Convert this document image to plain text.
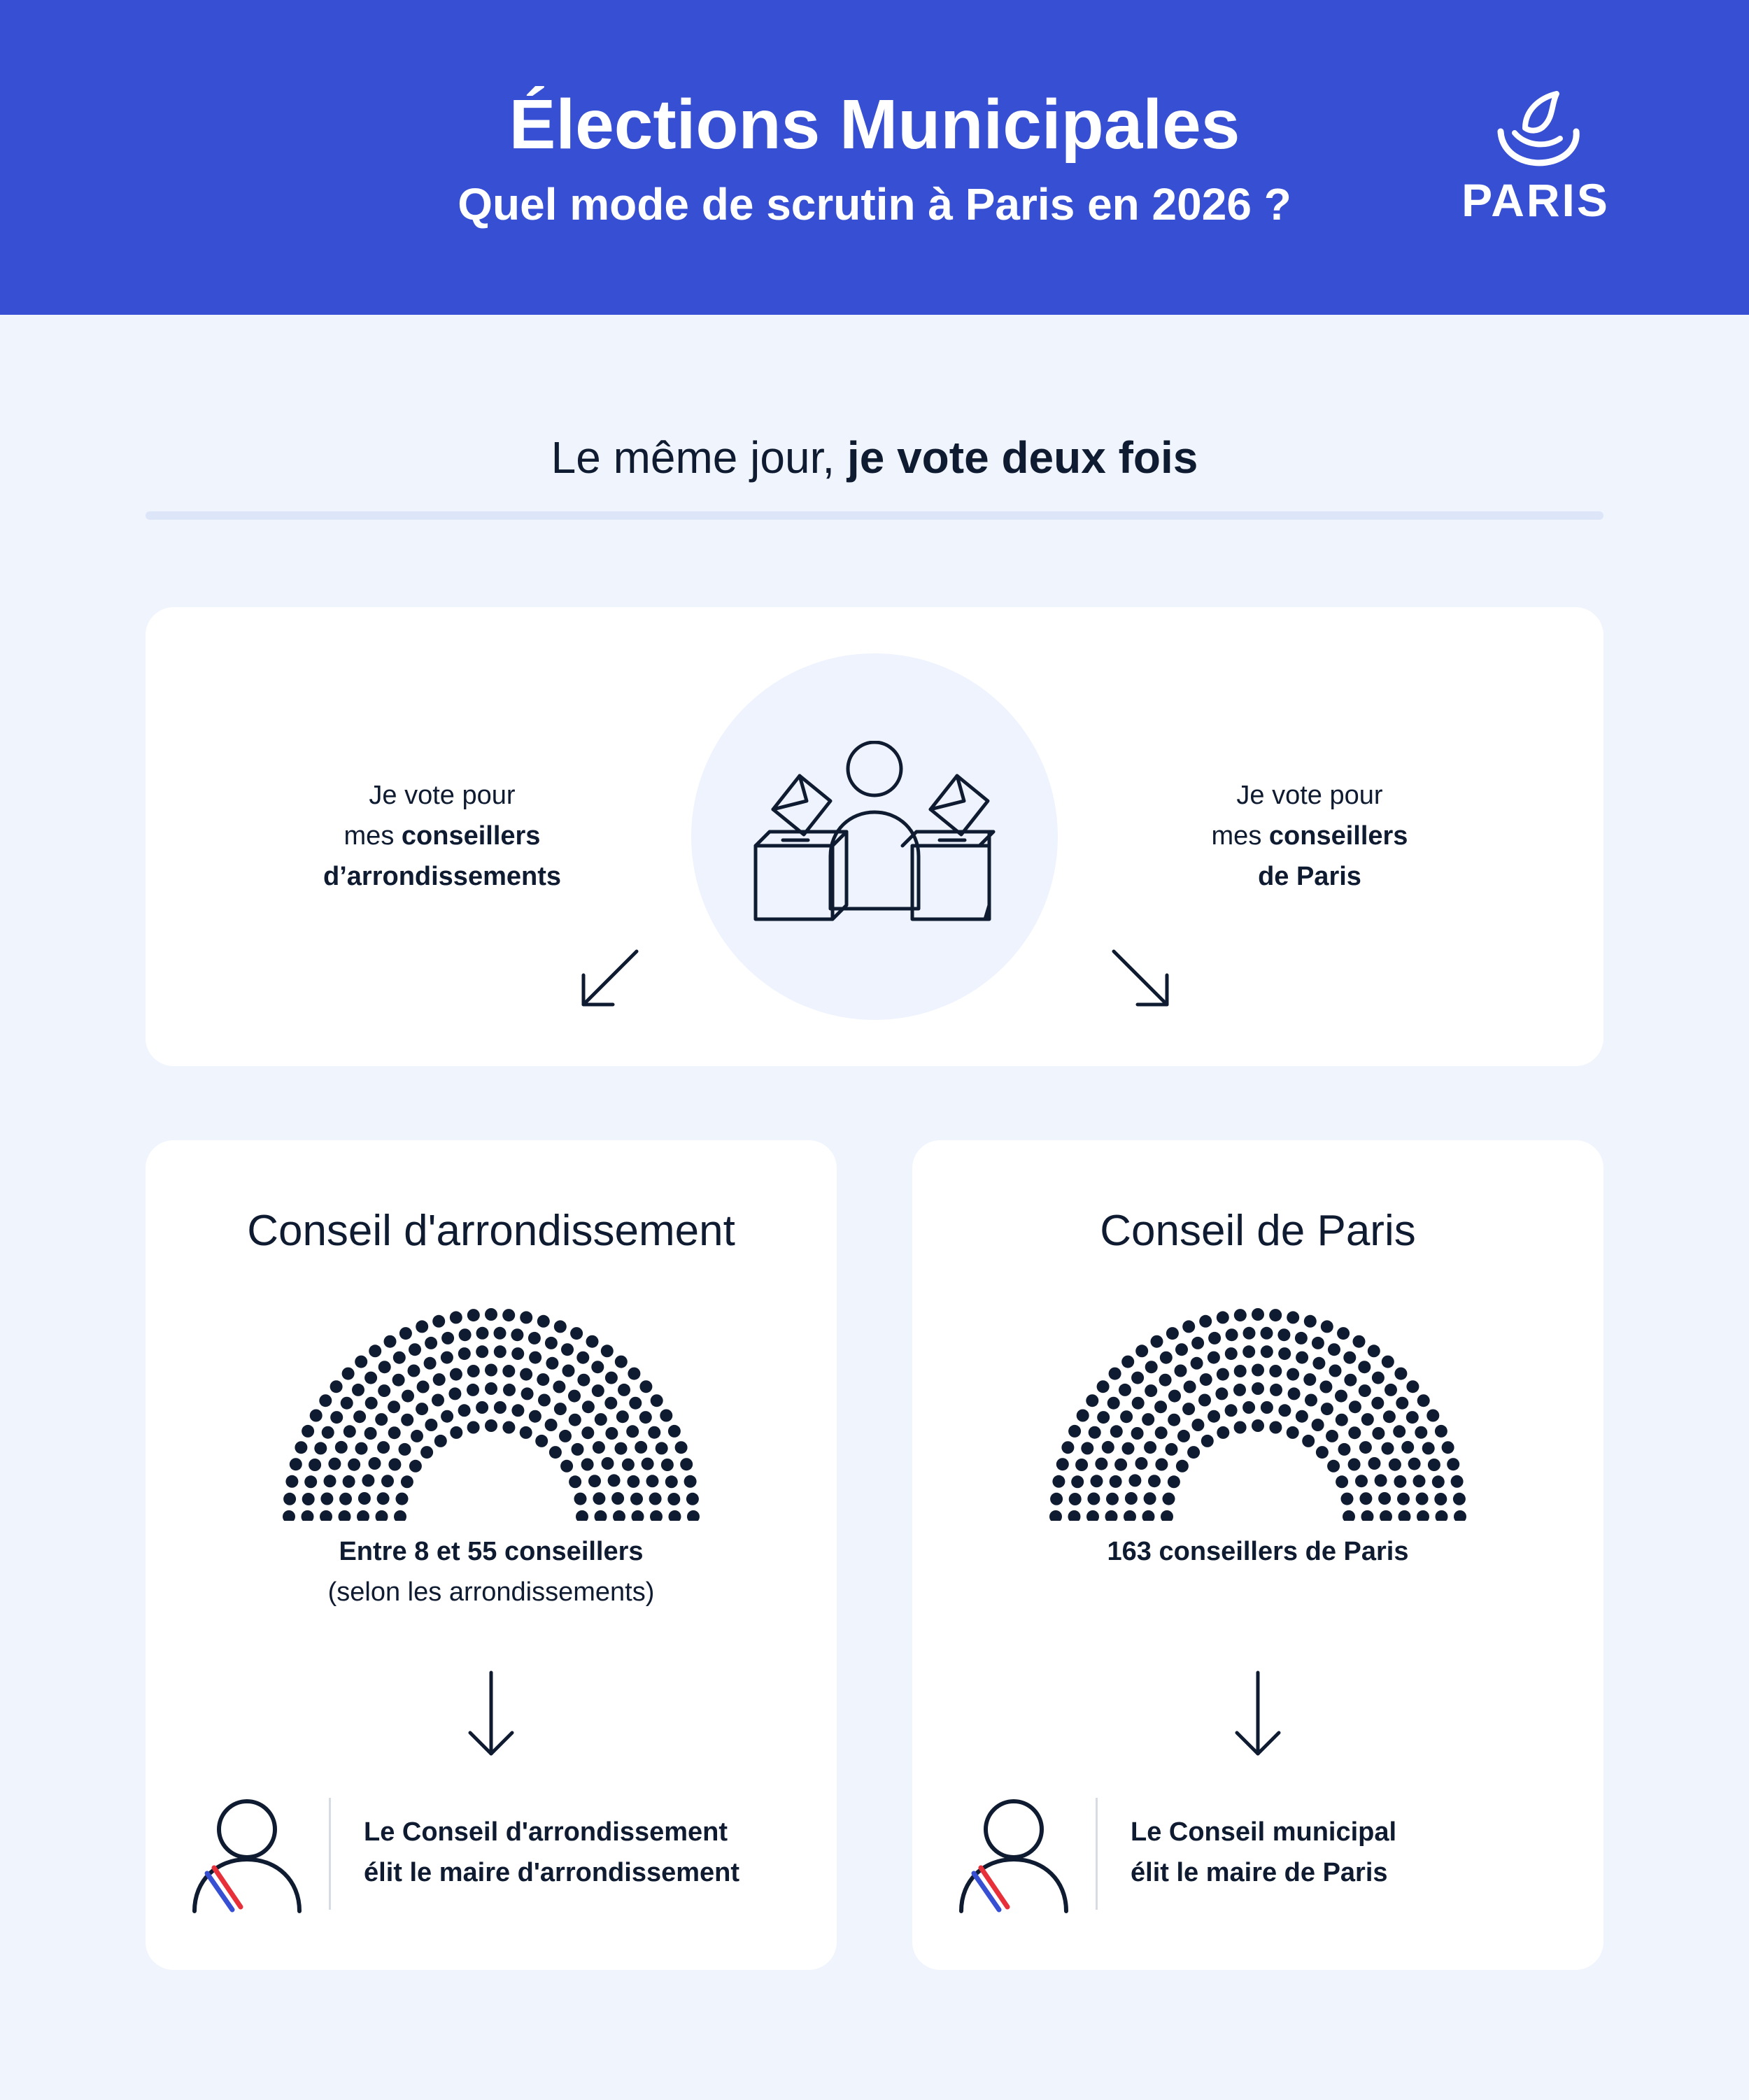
Élections Municipales
Quel mode de scrutin à Paris en 2026 ?	PARIS
Le même jour, je vote deux fois
Je vote pour
mes conseillers
d’arrondissements
Je vote pour
mes conseillers
de Paris
Conseil d'arrondissement
Entre 8 et 55 conseillers
(selon les arrondissements)
Le Conseil d'arrondissement
élit le maire d'arrondissement
Conseil de Paris
163 conseillers de Paris
Le Conseil municipal
élit le maire de Paris
